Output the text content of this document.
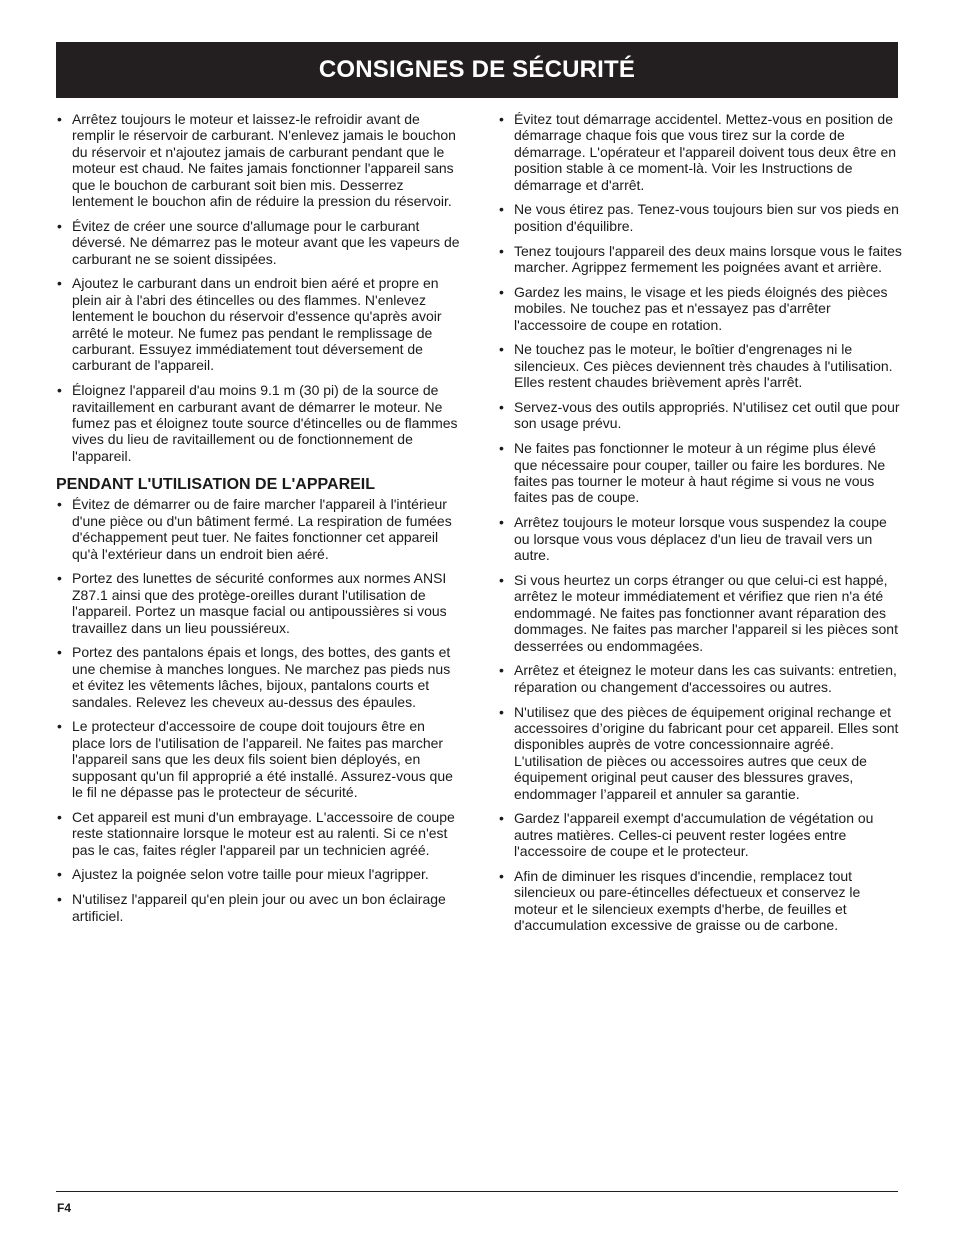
CONSIGNES DE SÉCURITÉ
• Arrêtez toujours le moteur et laissez-le refroidir avant de remplir le réservoir de carburant. N'enlevez jamais le bouchon du réservoir et n'ajoutez jamais de carburant pendant que le moteur est chaud. Ne faites jamais fonctionner l'appareil sans que le bouchon de carburant soit bien mis. Desserrez lentement le bouchon afin de réduire la pression du réservoir.
• Évitez de créer une source d'allumage pour le carburant déversé. Ne démarrez pas le moteur avant que les vapeurs de carburant ne se soient dissipées.
• Ajoutez le carburant dans un endroit bien aéré et propre en plein air à l'abri des étincelles ou des flammes. N'enlevez lentement le bouchon du réservoir d'essence qu'après avoir arrêté le moteur. Ne fumez pas pendant le remplissage de carburant. Essuyez immédiatement tout déversement de carburant de l'appareil.
• Éloignez l'appareil d'au moins 9.1 m (30 pi) de la source de ravitaillement en carburant avant de démarrer le moteur. Ne fumez pas et éloignez toute source d'étincelles ou de flammes vives du lieu de ravitaillement ou de fonctionnement de l'appareil.
PENDANT L'UTILISATION DE L'APPAREIL
• Évitez de démarrer ou de faire marcher l'appareil à l'intérieur d'une pièce ou d'un bâtiment fermé. La respiration de fumées d'échappement peut tuer. Ne faites fonctionner cet appareil qu'à l'extérieur dans un endroit bien aéré.
• Portez des lunettes de sécurité conformes aux normes ANSI Z87.1 ainsi que des protège-oreilles durant l'utilisation de l'appareil. Portez un masque facial ou antipoussières si vous travaillez dans un lieu poussiéreux.
• Portez des pantalons épais et longs, des bottes, des gants et une chemise à manches longues. Ne marchez pas pieds nus et évitez les vêtements lâches, bijoux, pantalons courts et sandales. Relevez les cheveux au-dessus des épaules.
• Le protecteur d'accessoire de coupe doit toujours être en place lors de l'utilisation de l'appareil. Ne faites pas marcher l'appareil sans que les deux fils soient bien déployés, en supposant qu'un fil approprié a été installé. Assurez-vous que le fil ne dépasse pas le protecteur de sécurité.
• Cet appareil est muni d'un embrayage. L'accessoire de coupe reste stationnaire lorsque le moteur est au ralenti. Si ce n'est pas le cas, faites régler l'appareil par un technicien agréé.
• Ajustez la poignée selon votre taille pour mieux l'agripper.
• N'utilisez l'appareil qu'en plein jour ou avec un bon éclairage artificiel.
• Évitez tout démarrage accidentel. Mettez-vous en position de démarrage chaque fois que vous tirez sur la corde de démarrage. L'opérateur et l'appareil doivent tous deux être en position stable à ce moment-là. Voir les Instructions de démarrage et d'arrêt.
• Ne vous étirez pas. Tenez-vous toujours bien sur vos pieds en position d'équilibre.
• Tenez toujours l'appareil des deux mains lorsque vous le faites marcher. Agrippez fermement les poignées avant et arrière.
• Gardez les mains, le visage et les pieds éloignés des pièces mobiles. Ne touchez pas et n'essayez pas d'arrêter l'accessoire de coupe en rotation.
• Ne touchez pas le moteur, le boîtier d'engrenages ni le silencieux. Ces pièces deviennent très chaudes à l'utilisation. Elles restent chaudes brièvement après l'arrêt.
• Servez-vous des outils appropriés. N'utilisez cet outil que pour son usage prévu.
• Ne faites pas fonctionner le moteur à un régime plus élevé que nécessaire pour couper, tailler ou faire les bordures. Ne faites pas tourner le moteur à haut régime si vous ne vous faites pas de coupe.
• Arrêtez toujours le moteur lorsque vous suspendez la coupe ou lorsque vous vous déplacez d'un lieu de travail vers un autre.
• Si vous heurtez un corps étranger ou que celui-ci est happé, arrêtez le moteur immédiatement et vérifiez que rien n'a été endommagé. Ne faites pas fonctionner avant réparation des dommages. Ne faites pas marcher l'appareil si les pièces sont desserrées ou endommagées.
• Arrêtez et éteignez le moteur dans les cas suivants: entretien, réparation ou changement d'accessoires ou autres.
• N'utilisez que des pièces de équipement original rechange et accessoires d’origine du fabricant pour cet appareil. Elles sont disponibles auprès de votre concessionnaire agréé. L'utilisation de pièces ou accessoires autres que ceux de équipement original peut causer des blessures graves, endommager l’appareil et annuler sa garantie.
• Gardez l'appareil exempt d'accumulation de végétation ou autres matières. Celles-ci peuvent rester logées entre l'accessoire de coupe et le protecteur.
• Afin de diminuer les risques d'incendie, remplacez tout silencieux ou pare-étincelles défectueux et conservez le moteur et le silencieux exempts d'herbe, de feuilles et d'accumulation excessive de graisse ou de carbone.
F4
